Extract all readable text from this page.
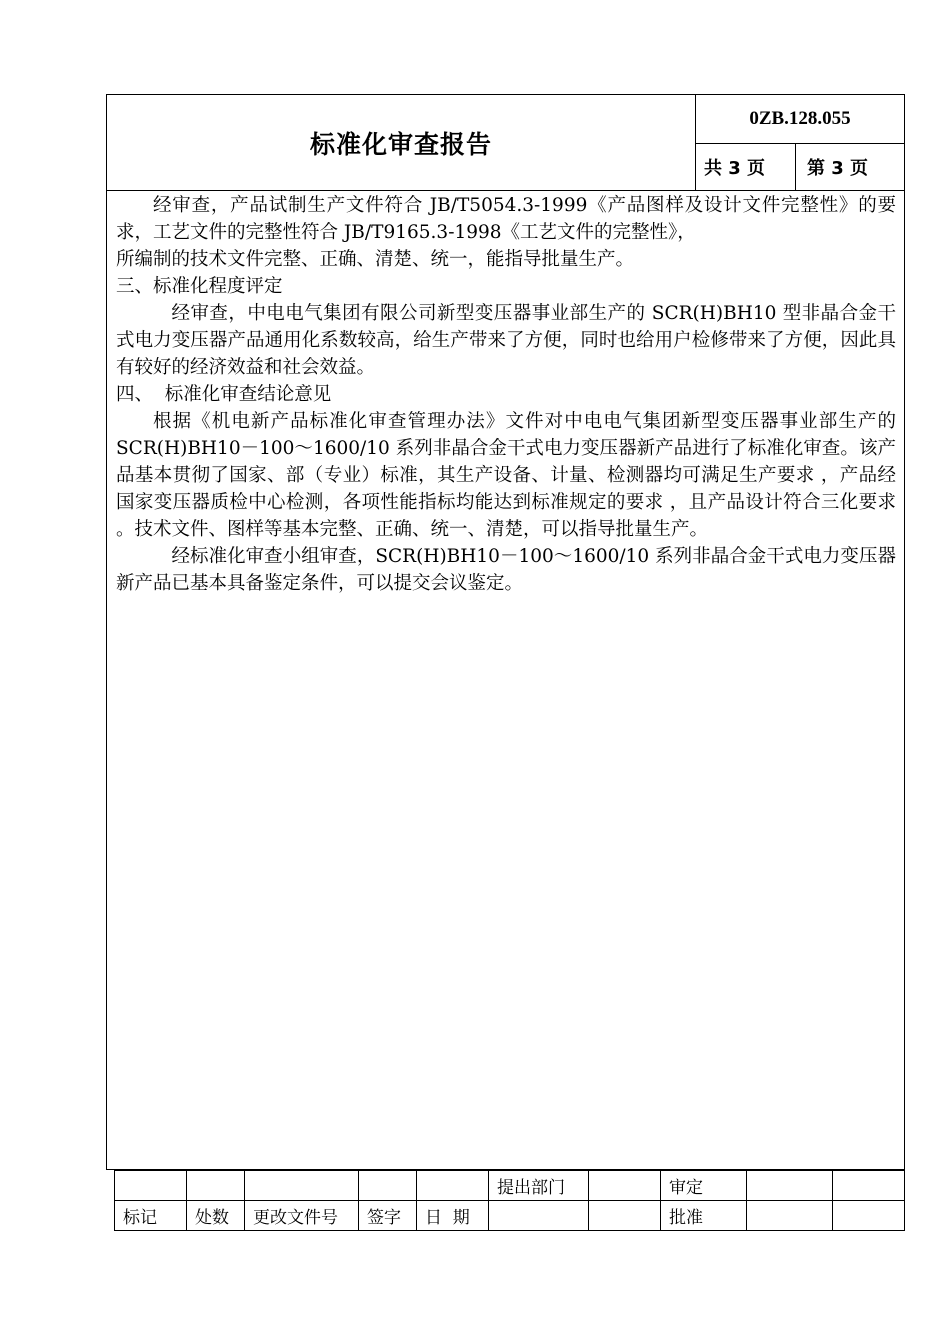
标准化审查报告
0ZB.128.055
共 3 页	第 3 页

经审查，产品试制生产文件符合 JB/T5054.3-1999《产品图样及设计文件完整性》的要求，工艺文件的完整性符合 JB/T9165.3-1998《工艺文件的完整性》，

所编制的技术文件完整、正确、清楚、统一，能指导批量生产。

三、标准化程度评定

经审查，中电电气集团有限公司新型变压器事业部生产的 SCR(H)BH10 型非晶合金干式电力变压器产品通用化系数较高，给生产带来了方便，同时也给用户检修带来了方便，因此具有较好的经济效益和社会效益。

四、  标准化审查结论意见

根据《机电新产品标准化审查管理办法》文件对中电电气集团新型变压器事业部生产的 SCR(H)BH10－100～1600/10 系列非晶合金干式电力变压器新产品进行了标准化审查。该产品基本贯彻了国家、部（专业）标准，其生产设备、计量、检测器均可满足生产要求 ，产品经国家变压器质检中心检测，各项性能指标均能达到标准规定的要求 ，且产品设计符合三化要求 。技术文件、图样等基本完整、正确、统一、清楚，可以指导批量生产。

经标准化审查小组审查，SCR(H)BH10－100～1600/10 系列非晶合金干式电力变压器新产品已基本具备鉴定条件，可以提交会议鉴定。

					提出部门		审定		
标记	处数	更改文件号	签字	日  期			批准		
